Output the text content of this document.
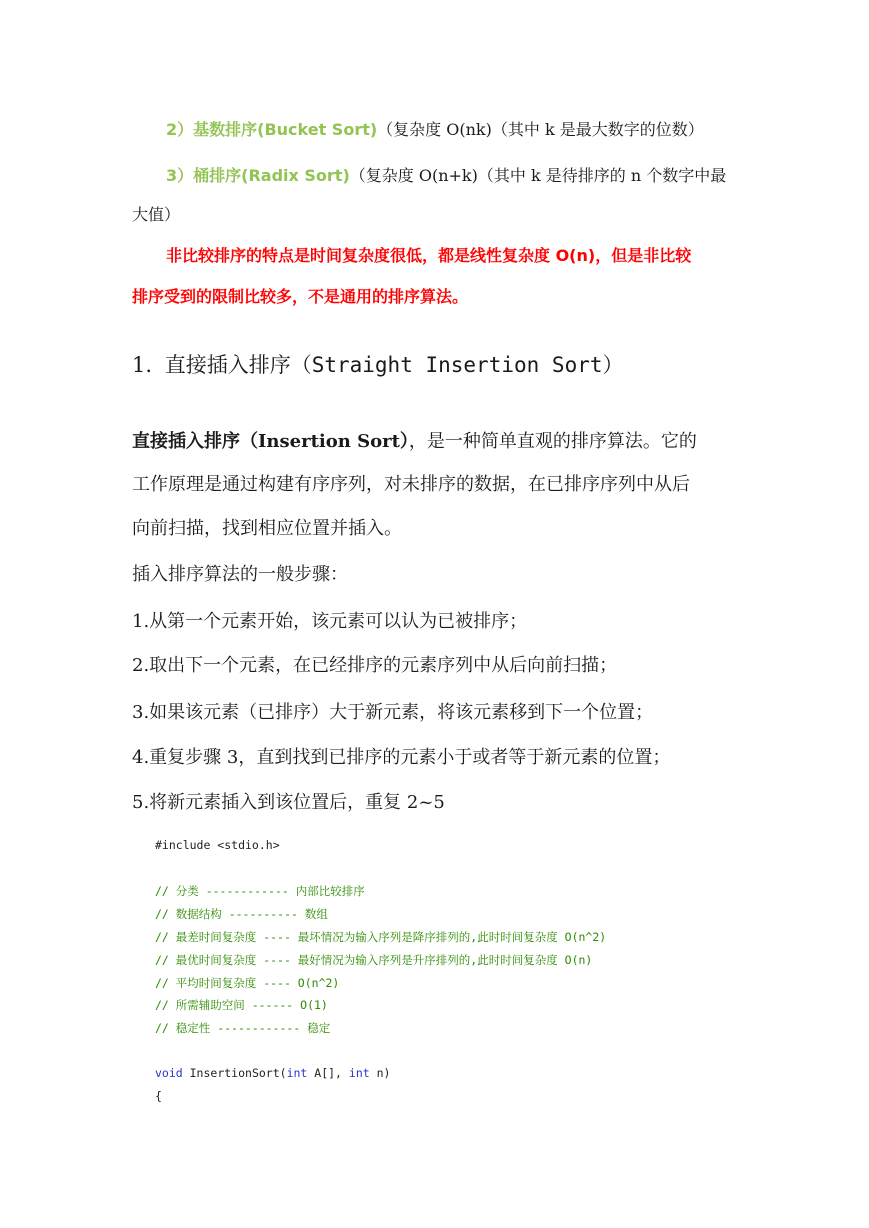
2）基数排序(Bucket Sort)（复杂度 O(nk)（其中 k 是最大数字的位数）
3）桶排序(Radix Sort)（复杂度 O(n+k)（其中 k 是待排序的 n 个数字中最
大值）
非比较排序的特点是时间复杂度很低，都是线性复杂度 O(n)，但是非比较
排序受到的限制比较多，不是通用的排序算法。
1. 直接插入排序（Straight Insertion Sort）
直接插入排序（Insertion Sort），是一种简单直观的排序算法。它的
工作原理是通过构建有序序列，对未排序的数据，在已排序序列中从后
向前扫描，找到相应位置并插入。
插入排序算法的一般步骤：
1.从第一个元素开始，该元素可以认为已被排序；
2.取出下一个元素，在已经排序的元素序列中从后向前扫描；
3.如果该元素（已排序）大于新元素，将该元素移到下一个位置；
4.重复步骤 3，直到找到已排序的元素小于或者等于新元素的位置；
5.将新元素插入到该位置后，重复 2~5
#include <stdio.h>
// 分类 ------------ 内部比较排序
// 数据结构 ---------- 数组
// 最差时间复杂度 ---- 最坏情况为输入序列是降序排列的,此时时间复杂度 O(n^2)
// 最优时间复杂度 ---- 最好情况为输入序列是升序排列的,此时时间复杂度 O(n)
// 平均时间复杂度 ---- O(n^2)
// 所需辅助空间 ------ O(1)
// 稳定性 ------------ 稳定
void InsertionSort(int A[], int n)
{
